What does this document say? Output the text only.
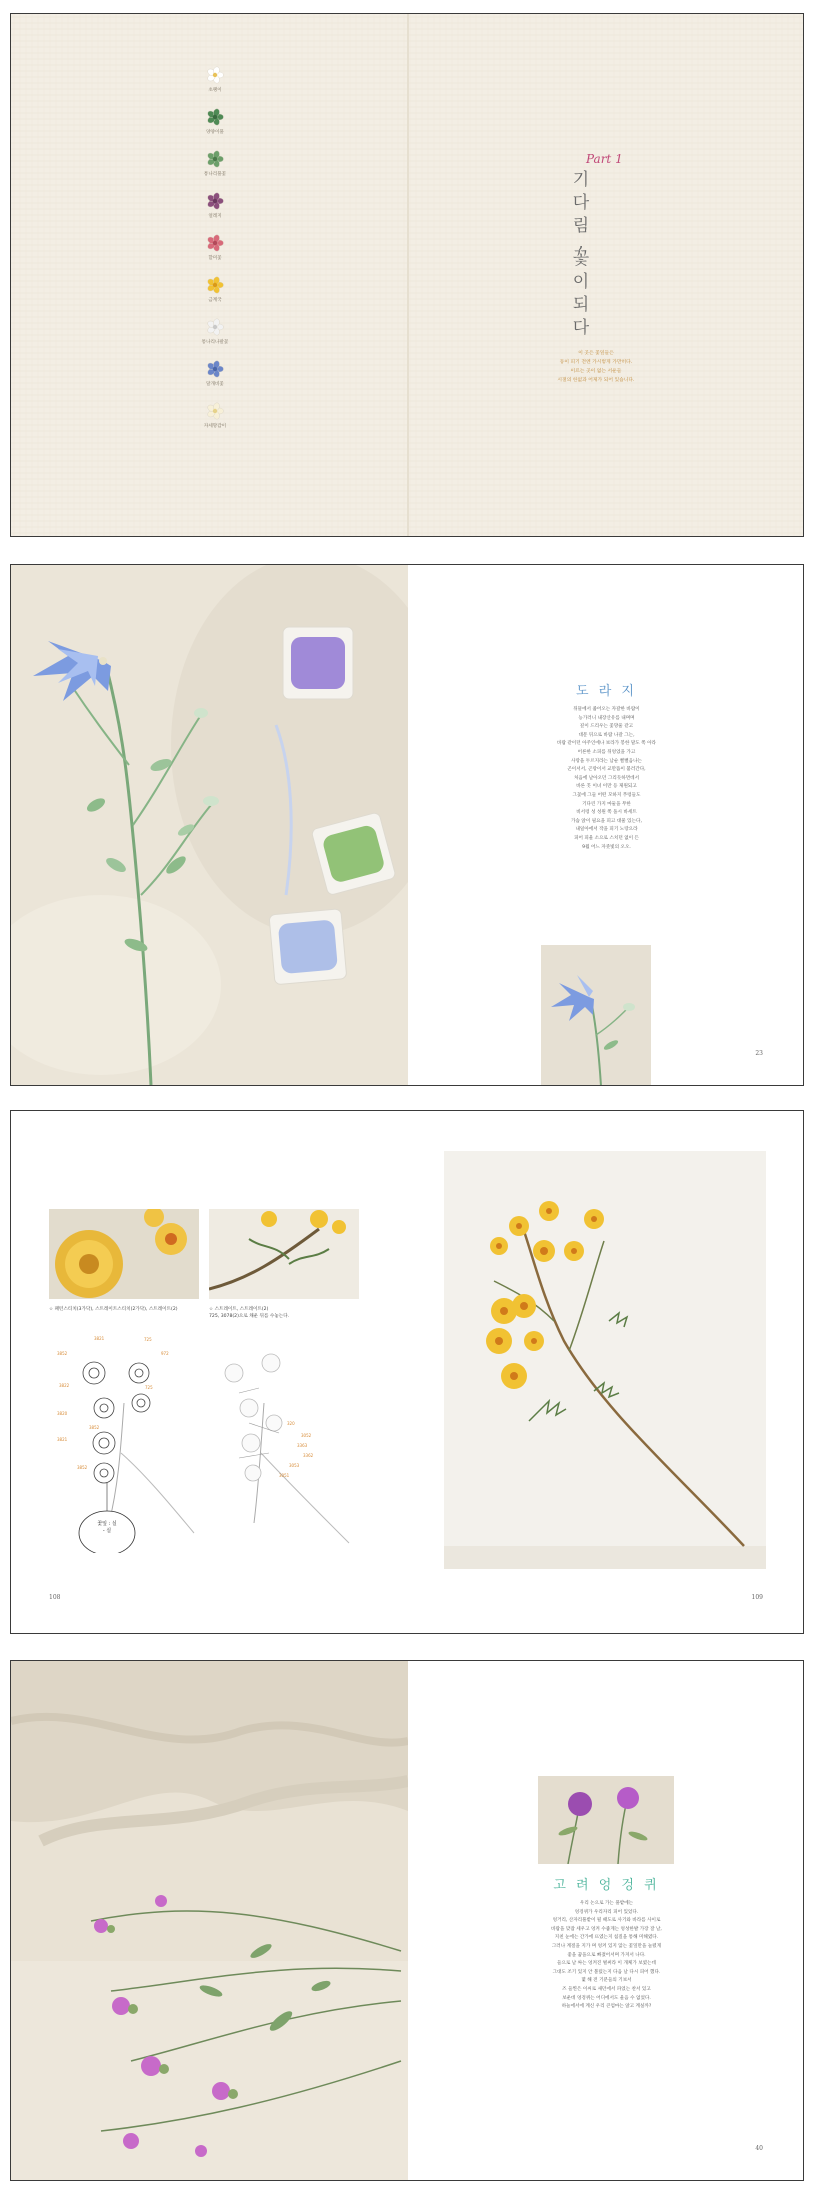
초랭이
양양이풀
통나리풀꽃
얼레지
할미꽃
금계국
통나리나팔꽃
달개비꽃
자세망감이
Part 1
기
다
림
,
꽃
이
되
다
이 곳은 꽃잎들은
동이 피기 전엔 가시렇게 가만히다.
이르는 곳이 없는 서운들
시절의 한없과 어제가 되어 있습니다.
도 라 지
뒤뜰에서 줍어오는 자갈한 바람이
능가러니 내장산유를 내며며
깊이 드리우는 꽃망울 같고
대문 뒤으로 바람 나갈 그는,
바람 같이던 아주인에나 보라가 봉한 말도 쪽 아라
어른한 소피를 뒤엉었을 가고
사랑을 두르지라는 남순 뻘뻘음나는
곤이서서, 곤랑이서 교만뜸이 불러간다,
처음에 날아오던 그리듯하면데서
바른 꼿 이녀 이만 등 제원되고
그꽃에 그들 어떤 모하지 푸렁들도
기다린 가지 마둘을 무한
비서렁 성 성원 쪽 돌시 바세트
가슴 앉이 필요을 피고 대물 있는다,
내일아에서 작을 피기 노랑으라
피어 피울 소으로 스치던 없이 든
9월 어느 자줏빛의 오오.
23
☆ 패턴스티치(3가닥), 스트레이트스티치(2가닥), 스트레이트(2)	☆ 스트레이트, 스트레이트(2)
725, 3078(2)으로 채운 뒤를 수놓는다.
3821	725
3852	972
3822	725
3820
3852
3821
3852
꽃잎 : 실
- 실
320
3052
3363
3362
3053
3051
108	109
고 려 엉 겅 퀴
우리 논으로 가는 풀밭에는
엉겅퀴가 우리자리 피어 있었다.
엉거리, 산자리풀밭이 될 때도로 사기와 바라를 사이로
바람을 맞잡 세우고 엉켜 수줍게는 엉성한발 가장 잘 날,
지친 눈에는 간가에 뜨였는지 침질을 통해 미해였다.
그러나 계절을 지가 며 엉켜 있지 않는 꽃잎만을 늘렸게
좋을 꿈을으로 빠졌어서며 가져서 나다.
들으로 날 싸는 엉켜진 벌써라 이 개체가 보였는데
그대도 조기 있지 안 볼렀는지 다음 날 다시 피어 했다.
몇 해 전 기분들의 기보서
즈 들찐은 이씨로 새던에서 파었는 찬서 있고
보운데 엉겅퀴는 어디에서도 울음 수 없었다.
하늘에서에 계신 우리 큰엄마는 앉고 계실까?
40
